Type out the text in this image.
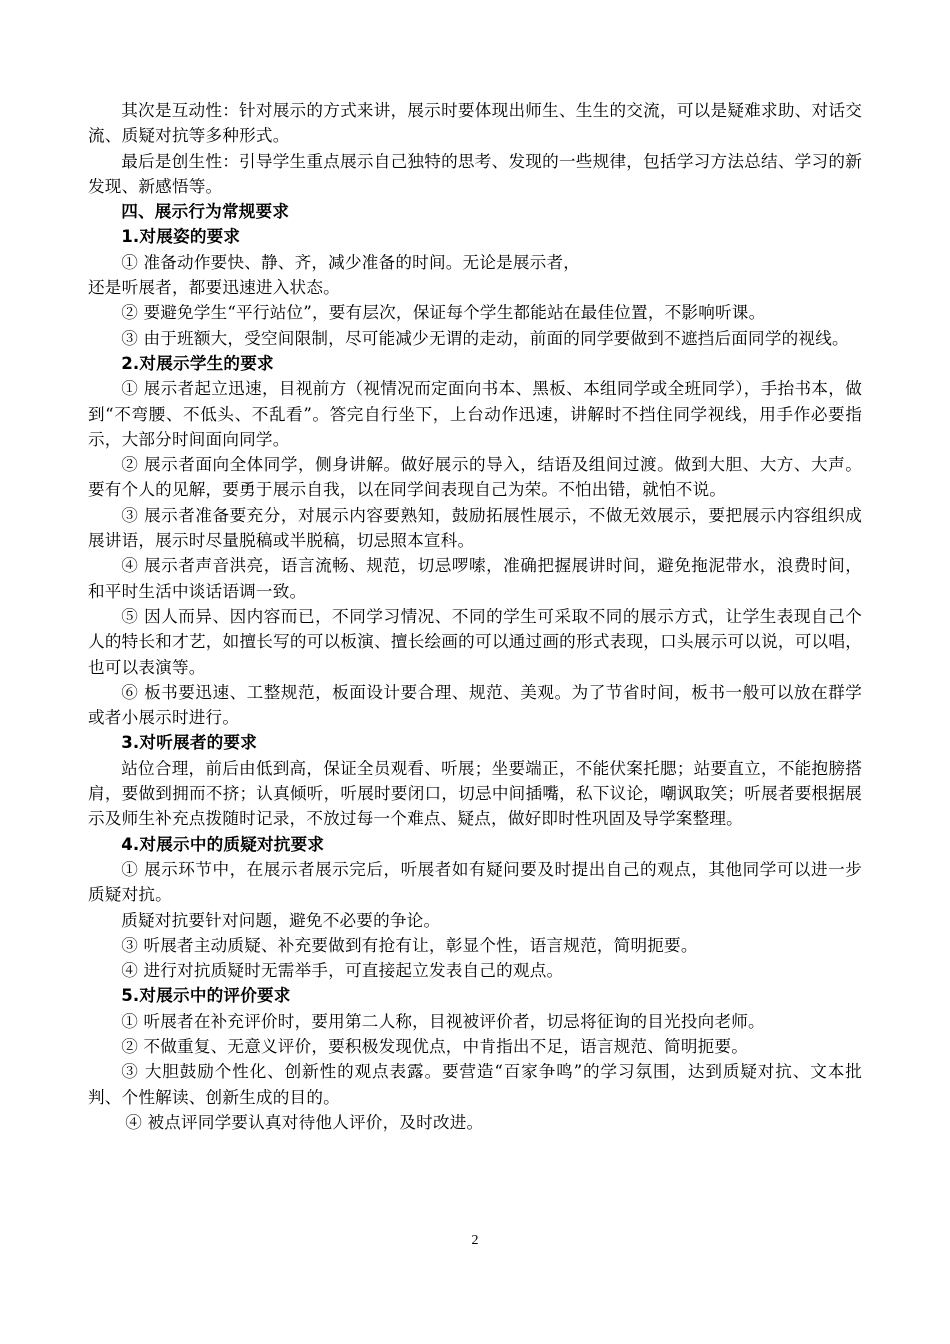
其次是互动性：针对展示的方式来讲，展示时要体现出师生、生生的交流，可以是疑难求助、对话交流、质疑对抗等多种形式。

最后是创生性：引导学生重点展示自己独特的思考、发现的一些规律，包括学习方法总结、学习的新发现、新感悟等。

四、展示行为常规要求

1.对展姿的要求

① 准备动作要快、静、齐，减少准备的时间。无论是展示者，

还是听展者，都要迅速进入状态。

② 要避免学生“平行站位”，要有层次，保证每个学生都能站在最佳位置，不影响听课。

③ 由于班额大，受空间限制，尽可能减少无谓的走动，前面的同学要做到不遮挡后面同学的视线。

2.对展示学生的要求

① 展示者起立迅速，目视前方（视情况而定面向书本、黑板、本组同学或全班同学），手抬书本，做到“不弯腰、不低头、不乱看”。答完自行坐下，上台动作迅速，讲解时不挡住同学视线，用手作必要指示，大部分时间面向同学。

② 展示者面向全体同学，侧身讲解。做好展示的导入，结语及组间过渡。做到大胆、大方、大声。要有个人的见解，要勇于展示自我，以在同学间表现自己为荣。不怕出错，就怕不说。

③ 展示者准备要充分，对展示内容要熟知，鼓励拓展性展示，不做无效展示，要把展示内容组织成展讲语，展示时尽量脱稿或半脱稿，切忌照本宣科。

④ 展示者声音洪亮，语言流畅、规范，切忌啰嗦，准确把握展讲时间，避免拖泥带水，浪费时间，和平时生活中谈话语调一致。

⑤ 因人而异、因内容而已，不同学习情况、不同的学生可采取不同的展示方式，让学生表现自己个人的特长和才艺，如擅长写的可以板演、擅长绘画的可以通过画的形式表现，口头展示可以说，可以唱，也可以表演等。

⑥ 板书要迅速、工整规范，板面设计要合理、规范、美观。为了节省时间，板书一般可以放在群学或者小展示时进行。

3.对听展者的要求

站位合理，前后由低到高，保证全员观看、听展；坐要端正，不能伏案托腮；站要直立，不能抱膀搭肩，要做到拥而不挤；认真倾听，听展时要闭口，切忌中间插嘴，私下议论，嘲讽取笑；听展者要根据展示及师生补充点拨随时记录，不放过每一个难点、疑点，做好即时性巩固及导学案整理。

4.对展示中的质疑对抗要求

① 展示环节中，在展示者展示完后，听展者如有疑问要及时提出自己的观点，其他同学可以进一步质疑对抗。

质疑对抗要针对问题，避免不必要的争论。

③ 听展者主动质疑、补充要做到有抢有让，彰显个性，语言规范，简明扼要。

④ 进行对抗质疑时无需举手，可直接起立发表自己的观点。

5.对展示中的评价要求

① 听展者在补充评价时，要用第二人称，目视被评价者，切忌将征询的目光投向老师。

② 不做重复、无意义评价，要积极发现优点，中肯指出不足，语言规范、简明扼要。

③ 大胆鼓励个性化、创新性的观点表露。要营造“百家争鸣”的学习氛围，达到质疑对抗、文本批判、个性解读、创新生成的目的。

④ 被点评同学要认真对待他人评价，及时改进。

2
